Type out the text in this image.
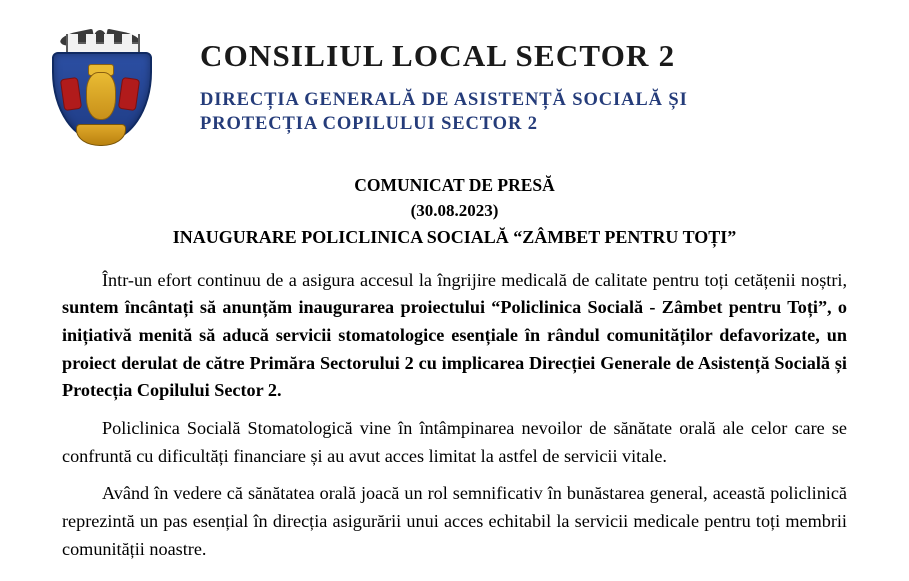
CONSILIUL LOCAL SECTOR 2
DIRECȚIA GENERALĂ DE ASISTENȚĂ SOCIALĂ ȘI
PROTECȚIA COPILULUI SECTOR 2
COMUNICAT DE PRESĂ
(30.08.2023)
INAUGURARE POLICLINICA SOCIALĂ “ZÂMBET PENTRU TOȚI”

Într-un efort continuu de a asigura accesul la îngrijire medicală de calitate pentru toți cetățenii noștri, suntem încântați să anunțăm inaugurarea proiectului “Policlinica Socială - Zâmbet pentru Toți”, o inițiativă menită să aducă servicii stomatologice esențiale în rândul comunităților defavorizate, un proiect derulat de către Primăra Sectorului 2 cu implicarea Direcției Generale de Asistență Socială și Protecția Copilului Sector 2.

Policlinica Socială Stomatologică vine în întâmpinarea nevoilor de sănătate orală ale celor care se confruntă cu dificultăți financiare și au avut acces limitat la astfel de servicii vitale.

Având în vedere că sănătatea orală joacă un rol semnificativ în bunăstarea general, această policlinică reprezintă un pas esențial în direcția asigurării unui acces echitabil la servicii medicale pentru toți membrii comunității noastre.
